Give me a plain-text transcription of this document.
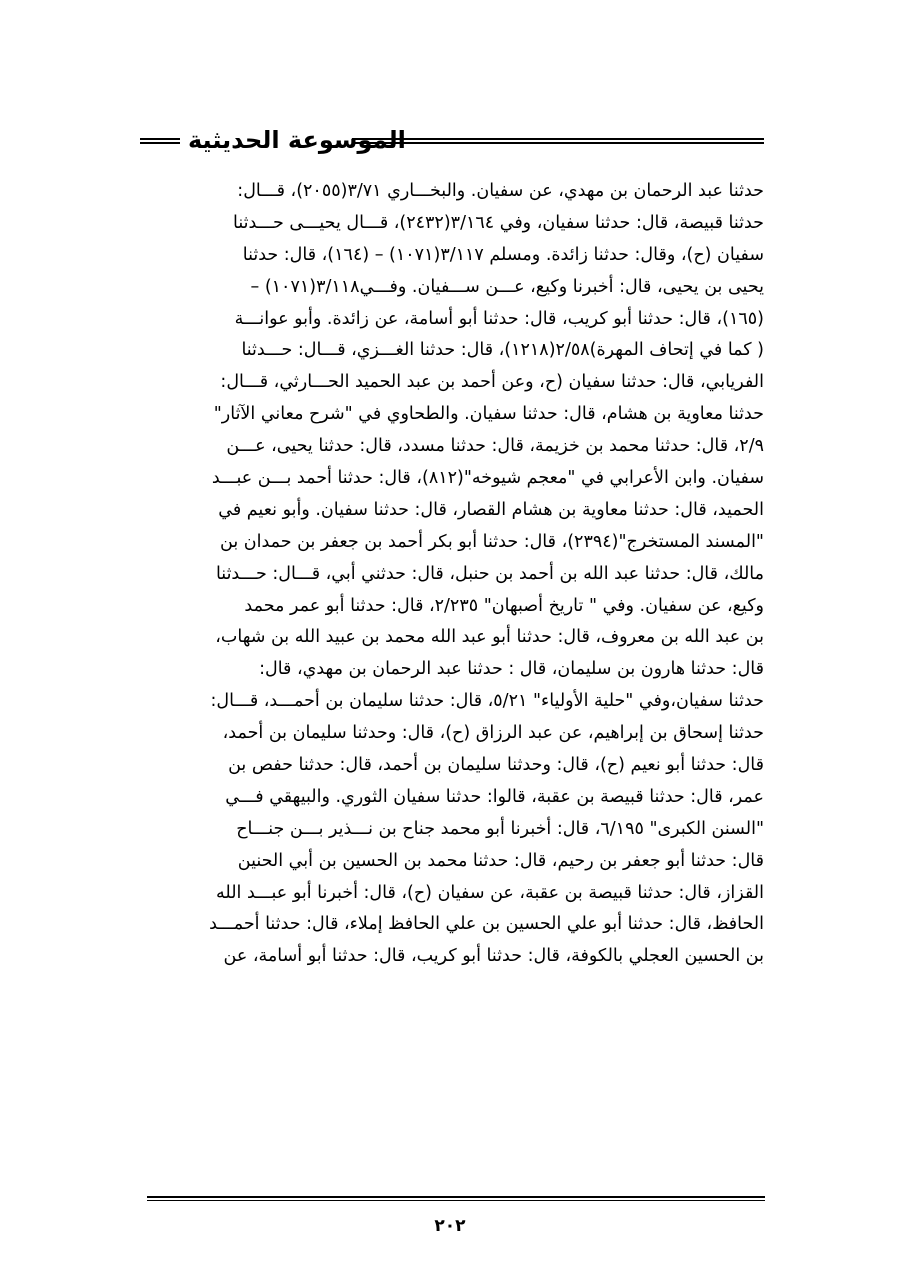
الموسوعة الحديثية
حدثنا عبد الرحمان بن مهدي، عن سفيان. والبخـــاري ٣/٧١(٢٠٥٥)، قـــال:
حدثنا قبيصة، قال: حدثنا سفيان، وفي ٣/١٦٤(٢٤٣٢)، قـــال يحيـــى حـــدثنا
سفيان (ح)، وقال: حدثنا زائدة. ومسلم ٣/١١٧(١٠٧١) – (١٦٤)، قال: حدثنا
يحيى بن يحيى، قال: أخبرنا وكيع، عـــن ســـفيان. وفـــي٣/١١٨(١٠٧١) –
(١٦٥)، قال: حدثنا أبو كريب، قال: حدثنا أبو أسامة، عن زائدة. وأبو عوانـــة
( كما في إتحاف المهرة)٢/٥٨(١٢١٨)، قال: حدثنا الغـــزي، قـــال: حـــدثنا
الفريابي، قال: حدثنا سفيان (ح، وعن أحمد بن عبد الحميد الحـــارثي، قـــال:
حدثنا معاوية بن هشام، قال: حدثنا سفيان. والطحاوي في "شرح معاني الآثار"
٢/٩، قال: حدثنا محمد بن خزيمة، قال: حدثنا مسدد، قال: حدثنا يحيى، عـــن
سفيان. وابن الأعرابي في "معجم شيوخه"(٨١٢)، قال: حدثنا أحمد بـــن عبـــد
الحميد، قال: حدثنا معاوية بن هشام القصار، قال: حدثنا سفيان. وأبو نعيم في
"المسند المستخرج"(٢٣٩٤)، قال: حدثنا أبو بكر أحمد بن جعفر بن حمدان بن
مالك، قال: حدثنا عبد الله بن أحمد بن حنبل، قال: حدثني أبي، قـــال: حـــدثنا
وكيع، عن سفيان. وفي " تاريخ أصبهان" ٢/٢٣٥، قال: حدثنا أبو عمر محمد
بن عبد الله بن معروف، قال: حدثنا أبو عبد الله محمد بن عبيد الله بن شهاب،
قال: حدثنا هارون بن سليمان، قال : حدثنا عبد الرحمان بن مهدي، قال:
حدثنا سفيان،وفي "حلية الأولياء" ٥/٢١، قال: حدثنا سليمان بن أحمـــد، قـــال:
حدثنا إسحاق بن إبراهيم، عن عبد الرزاق (ح)، قال: وحدثنا سليمان بن أحمد،
قال: حدثنا أبو نعيم (ح)، قال: وحدثنا سليمان بن أحمد، قال: حدثنا حفص بن
عمر، قال: حدثنا قبيصة بن عقبة، قالوا: حدثنا سفيان الثوري. والبيهقي فـــي
"السنن الكبرى" ٦/١٩٥، قال: أخبرنا أبو محمد جناح بن نـــذير بـــن جنـــاح
قال: حدثنا أبو جعفر بن رحيم، قال: حدثنا محمد بن الحسين بن أبي الحنين
القزاز، قال: حدثنا قبيصة بن عقبة، عن سفيان (ح)، قال: أخبرنا أبو عبـــد الله
الحافظ، قال: حدثنا أبو علي الحسين بن علي الحافظ إملاء، قال: حدثنا أحمـــد
بن الحسين العجلي بالكوفة، قال: حدثنا أبو كريب، قال: حدثنا أبو أسامة، عن
٢٠٢
